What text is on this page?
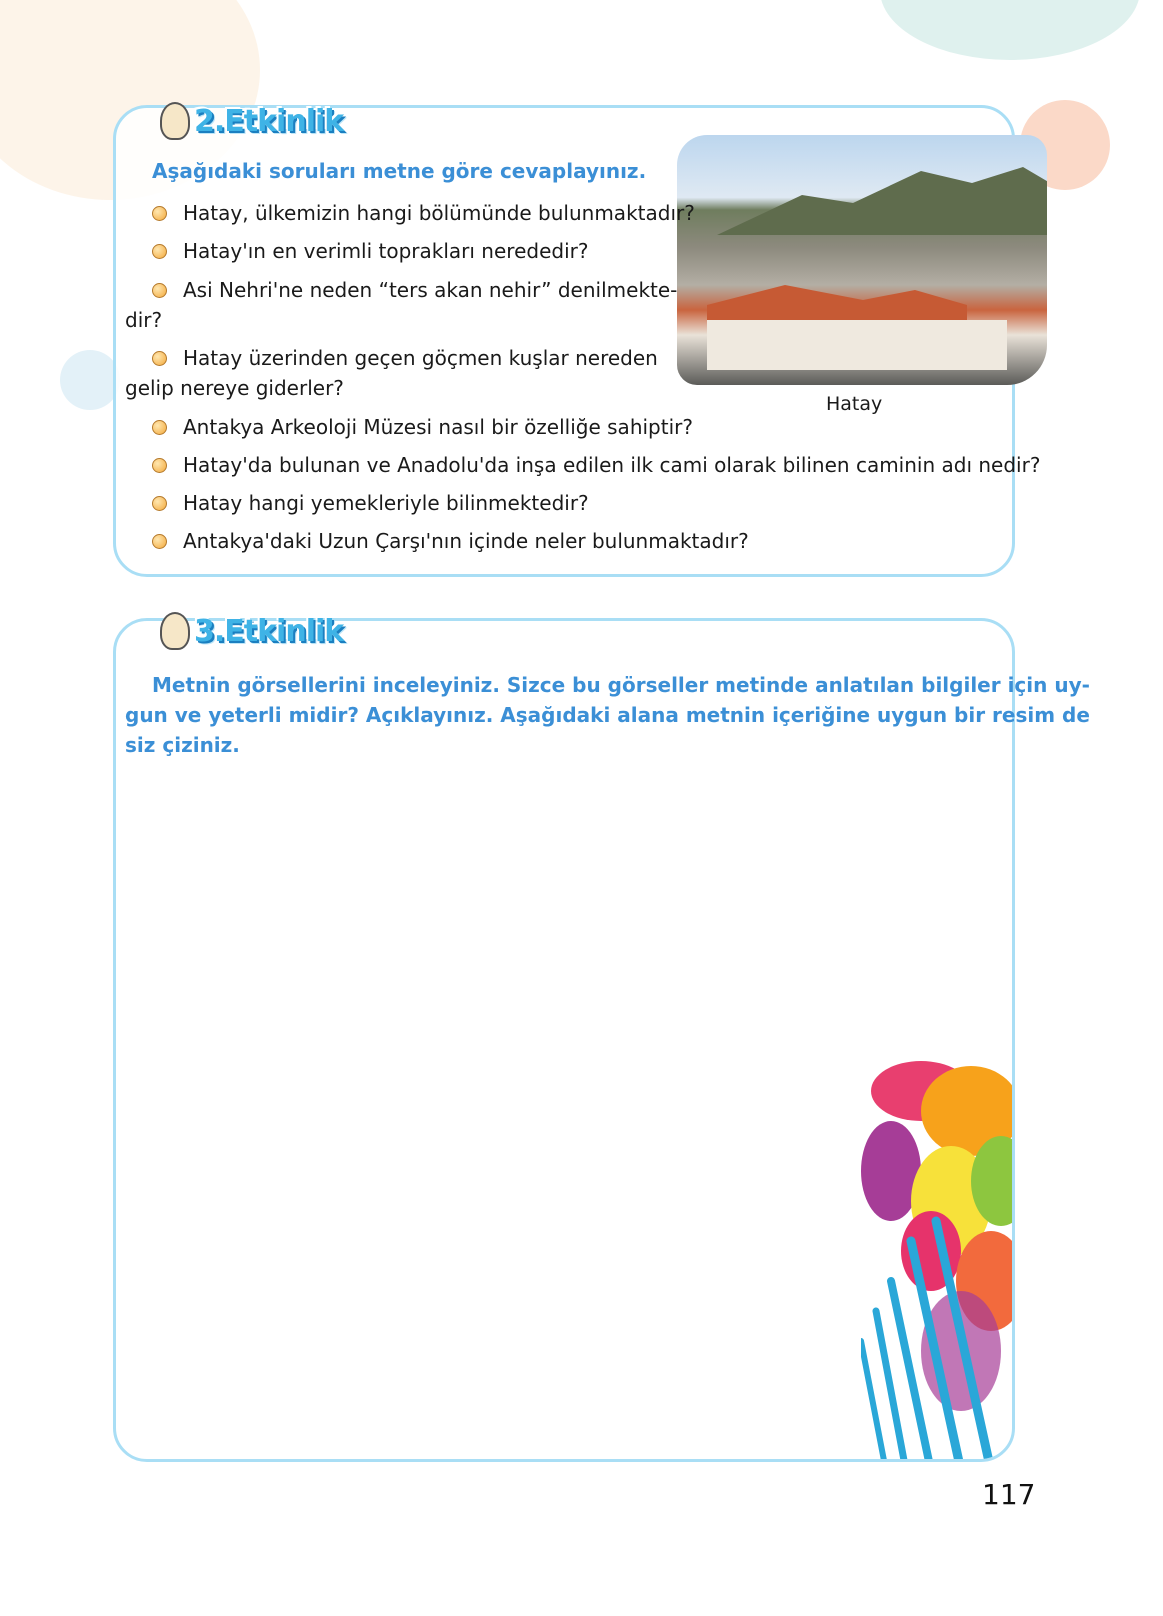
2.Etkinlik
Aşağıdaki soruları metne göre cevaplayınız.
Hatay
Hatay, ülkemizin hangi bölümünde bulunmaktadır?
Hatay'ın en verimli toprakları nerededir?
Asi Nehri'ne neden “ters akan nehir” denilmekte-
dir?
Hatay üzerinden geçen göçmen kuşlar nereden
gelip nereye giderler?
Antakya Arkeoloji Müzesi nasıl bir özelliğe sahiptir?
Hatay'da bulunan ve Anadolu'da inşa edilen ilk cami olarak bilinen caminin adı nedir?
Hatay hangi yemekleriyle bilinmektedir?
Antakya'daki Uzun Çarşı'nın içinde neler bulunmaktadır?
3.Etkinlik
Metnin görsellerini inceleyiniz. Sizce bu görseller metinde anlatılan bilgiler için uy-
gun ve yeterli midir? Açıklayınız. Aşağıdaki alana metnin içeriğine uygun bir resim de
siz çiziniz.
117
